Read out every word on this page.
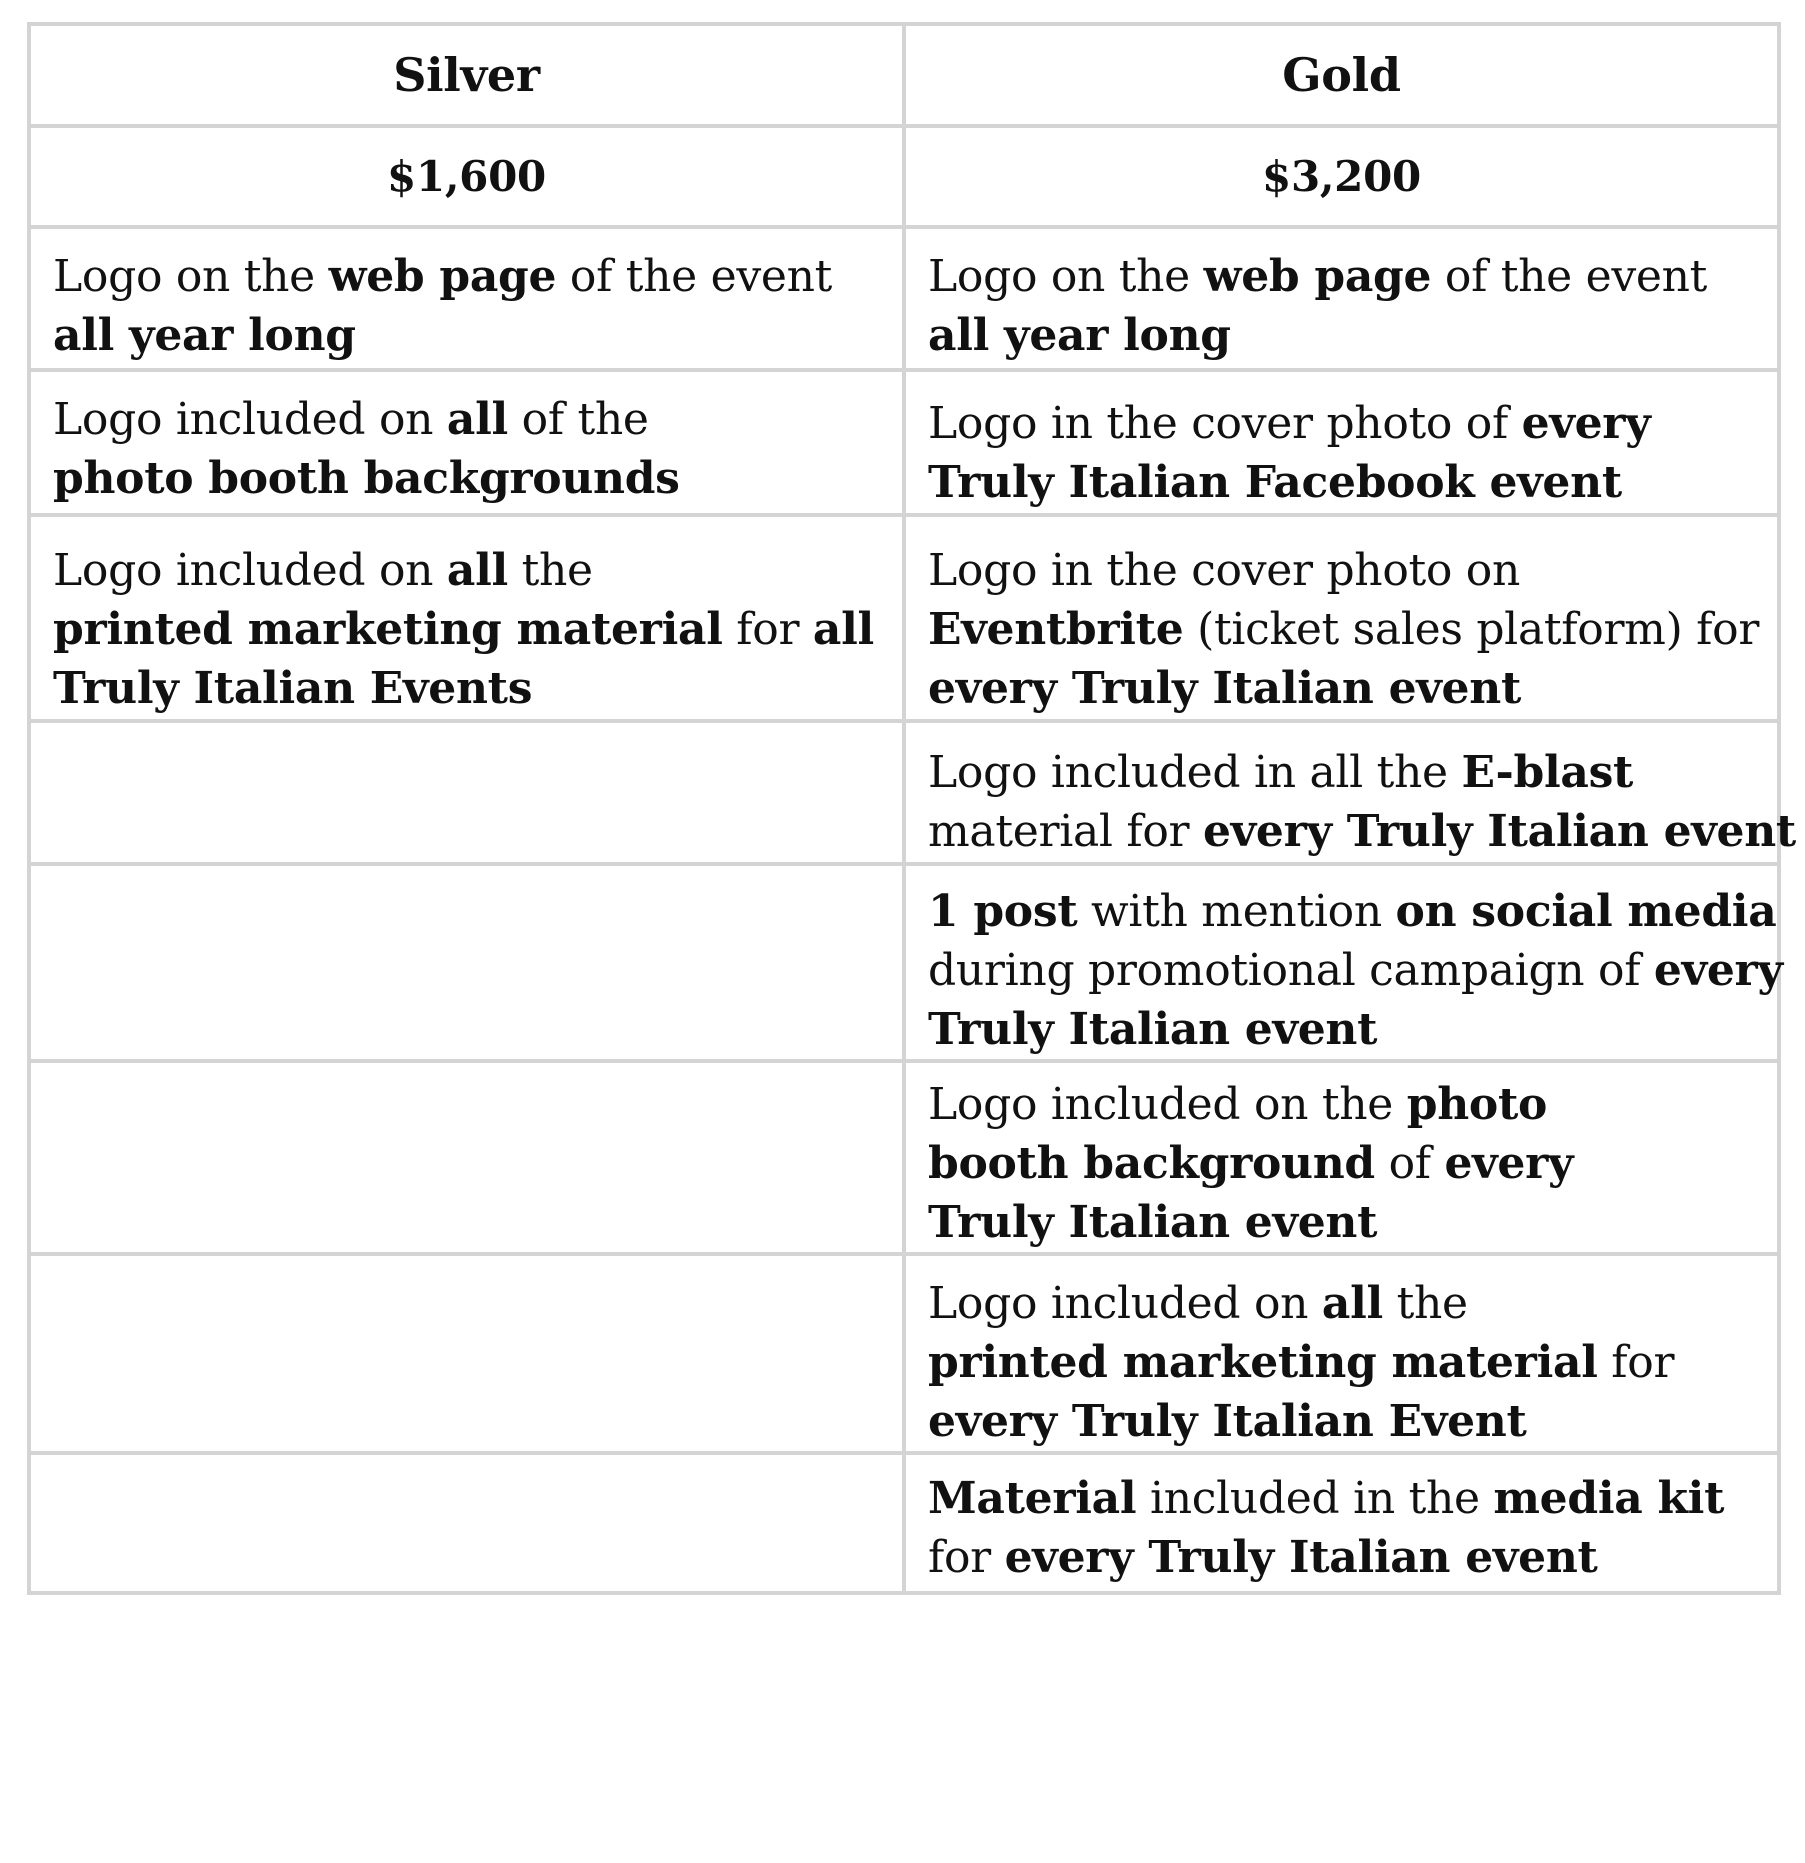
Silver	Gold
$1,600	$3,200

Logo on the web page of the event
all year long	Logo on the web page of the event
all year long

Logo included on all of the
photo booth backgrounds	Logo in the cover photo of every
Truly Italian Facebook event

Logo included on all the
printed marketing material for all
Truly Italian Events	Logo in the cover photo on
Eventbrite (ticket sales platform) for
every Truly Italian event

	Logo included in all the E-blast
material for every Truly Italian event

	1 post with mention on social media
during promotional campaign of every
Truly Italian event

	Logo included on the photo
booth background of every
Truly Italian event

	Logo included on all the
printed marketing material for
every Truly Italian Event

	Material included in the media kit
for every Truly Italian event
